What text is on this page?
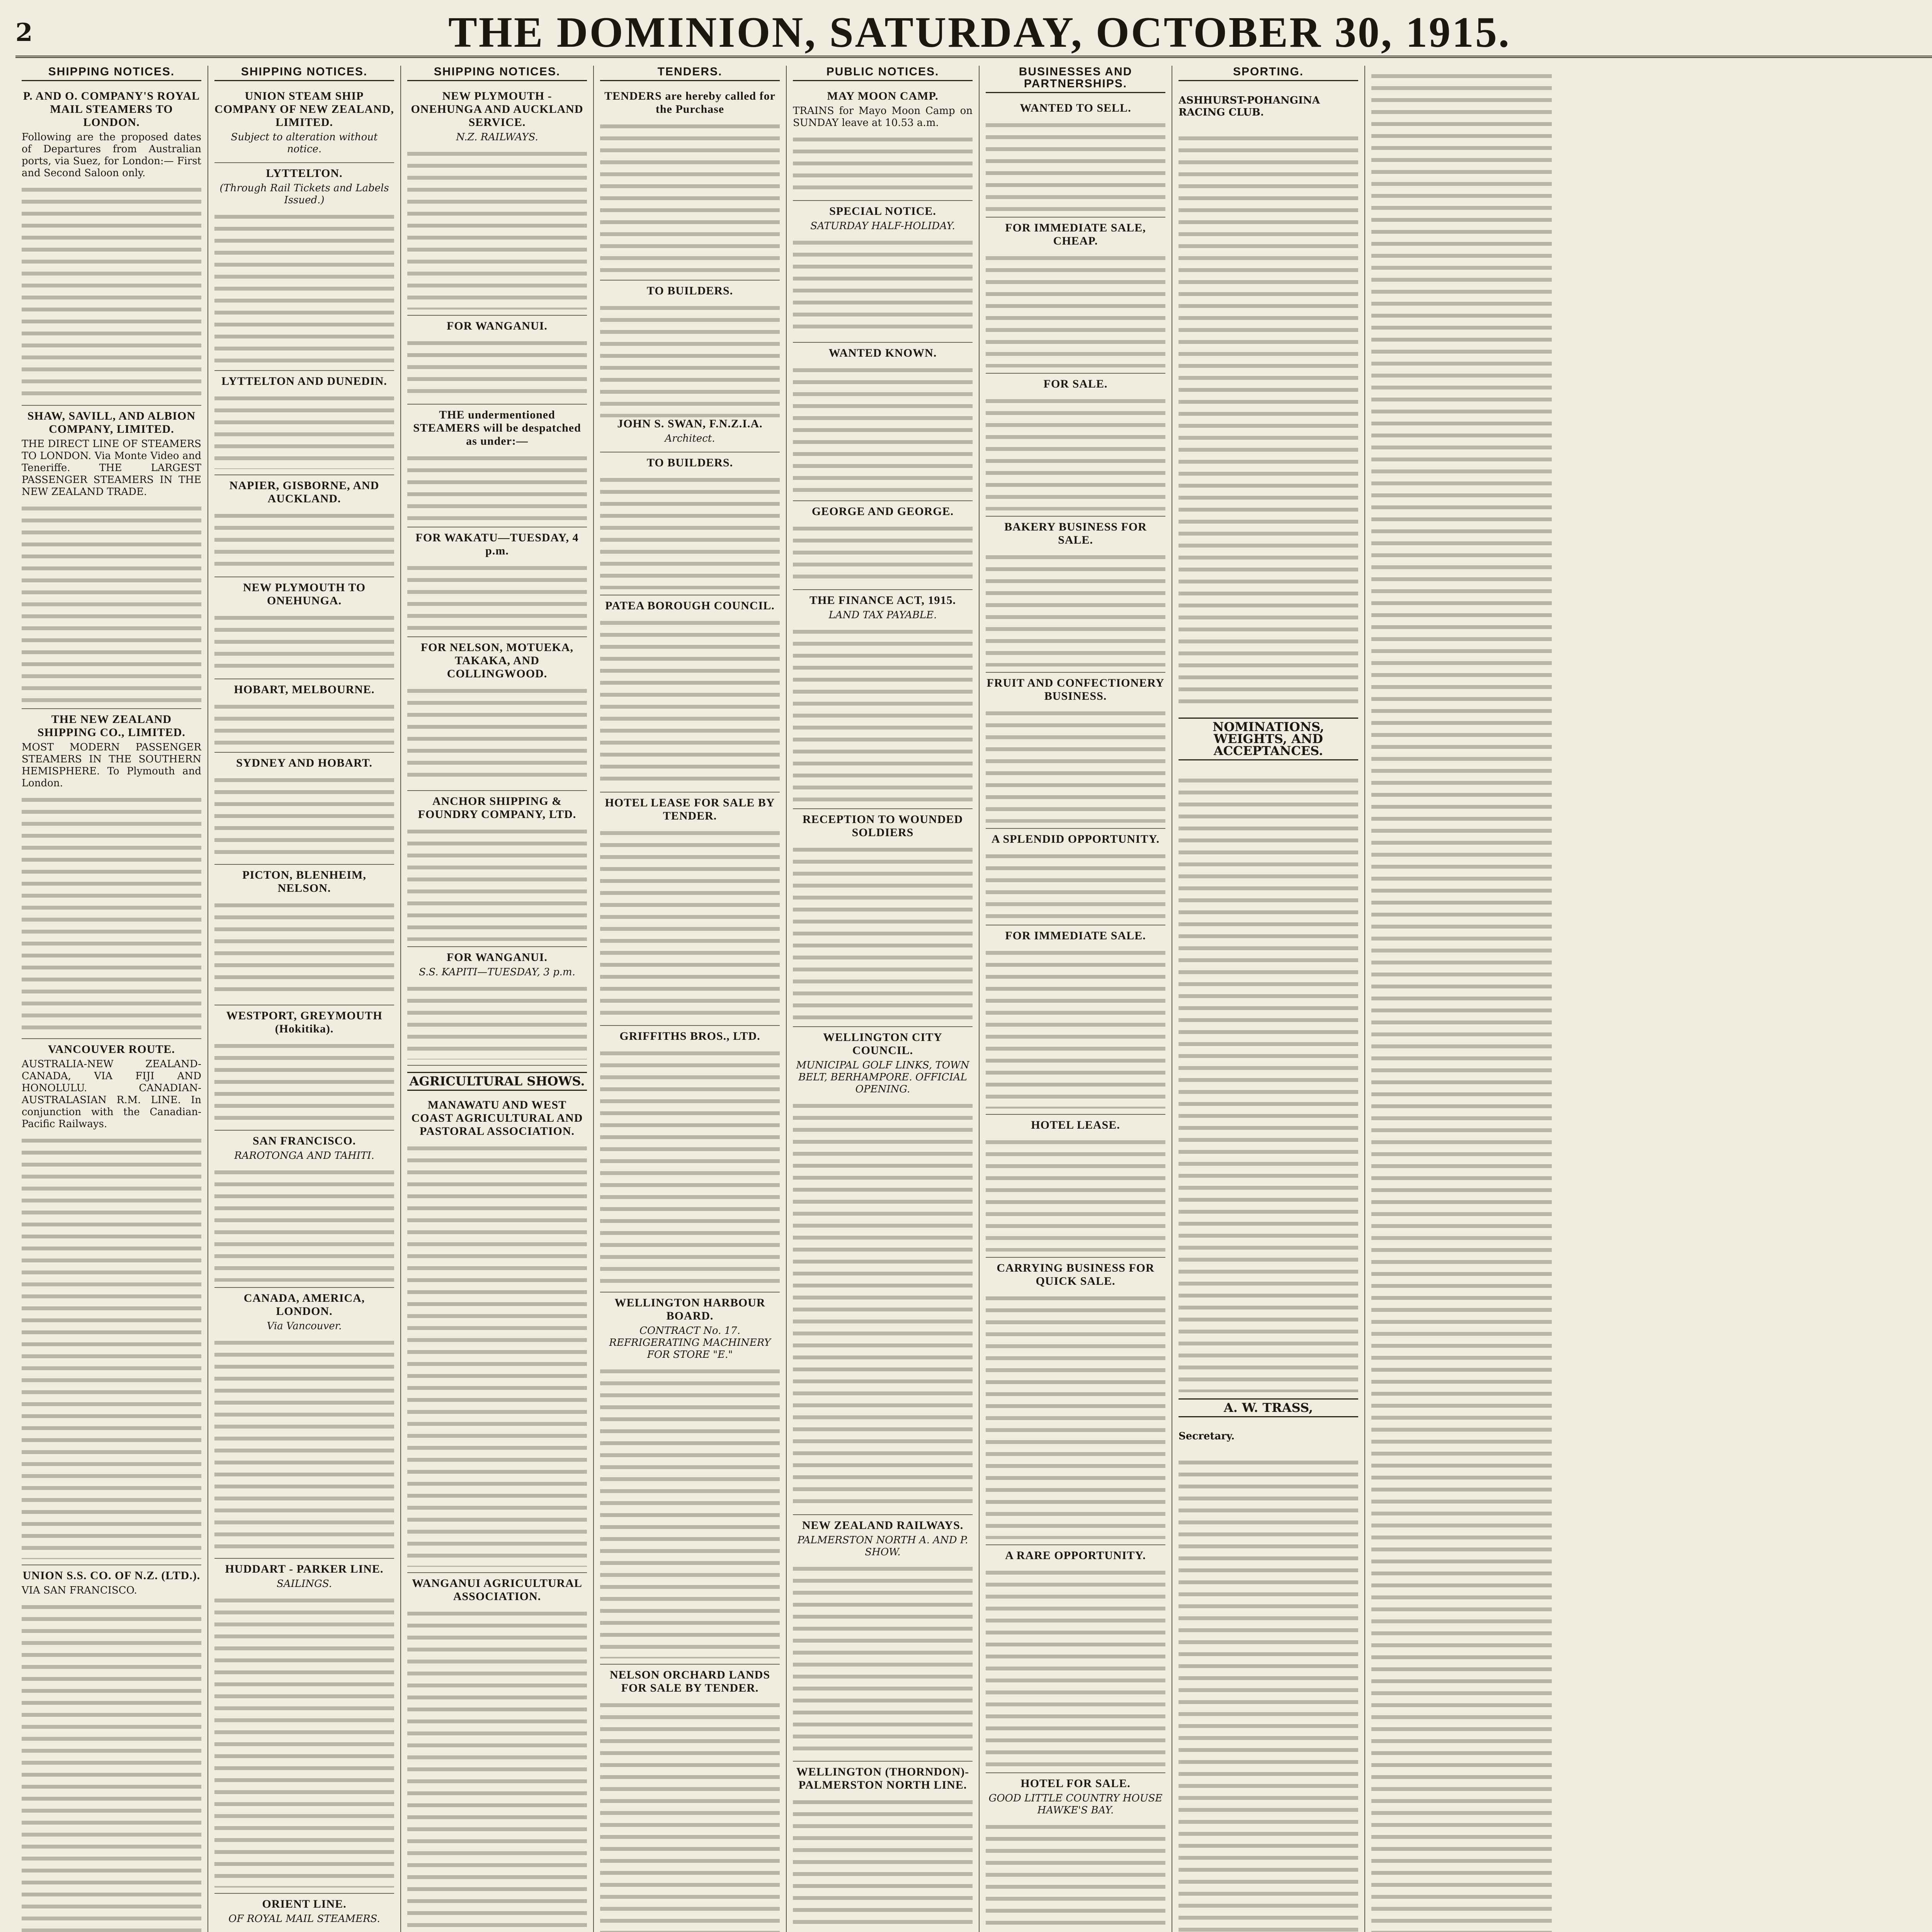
2	THE DOMINION, SATURDAY, OCTOBER 30, 1915.
SHIPPING NOTICES.
P. AND O. COMPANY'S ROYAL MAIL STEAMERS TO LONDON.

Following are the proposed dates of Departures from Australian ports, via Suez, for London:— First and Second Saloon only.

SHAW, SAVILL, AND ALBION COMPANY, LIMITED.

THE DIRECT LINE OF STEAMERS TO LONDON. Via Monte Video and Teneriffe. THE LARGEST PASSENGER STEAMERS IN THE NEW ZEALAND TRADE.

THE NEW ZEALAND SHIPPING CO., LIMITED.

MOST MODERN PASSENGER STEAMERS IN THE SOUTHERN HEMISPHERE. To Plymouth and London.

VANCOUVER ROUTE.

AUSTRALIA-NEW ZEALAND-CANADA, VIA FIJI AND HONOLULU. CANADIAN-AUSTRALASIAN R.M. LINE. In conjunction with the Canadian-Pacific Railways.

UNION S.S. CO. OF N.Z. (LTD.).

VIA SAN FRANCISCO.

SHIPPING NOTICES.
UNION STEAM SHIP COMPANY OF NEW ZEALAND, LIMITED.

Subject to alteration without notice.

LYTTELTON.

(Through Rail Tickets and Labels Issued.)

LYTTELTON AND DUNEDIN.
NAPIER, GISBORNE, AND AUCKLAND.
NEW PLYMOUTH TO ONEHUNGA.
HOBART, MELBOURNE.
SYDNEY AND HOBART.
PICTON, BLENHEIM, NELSON.
WESTPORT, GREYMOUTH (Hokitika).
SAN FRANCISCO.

RAROTONGA AND TAHITI.

CANADA, AMERICA, LONDON.

Via Vancouver.

HUDDART - PARKER LINE.

SAILINGS.

ORIENT LINE.

OF ROYAL MAIL STEAMERS.

SHIPPING NOTICES.
NEW PLYMOUTH - ONEHUNGA AND AUCKLAND SERVICE.

N.Z. RAILWAYS.

FOR WANGANUI.
THE undermentioned STEAMERS will be despatched as under:—
FOR WAKATU—TUESDAY, 4 p.m.
FOR NELSON, MOTUEKA, TAKAKA, AND COLLINGWOOD.
ANCHOR SHIPPING & FOUNDRY COMPANY, LTD.
FOR WANGANUI.

S.S. KAPITI—TUESDAY, 3 p.m.

AGRICULTURAL SHOWS.
MANAWATU AND WEST COAST AGRICULTURAL AND PASTORAL ASSOCIATION.
WANGANUI AGRICULTURAL ASSOCIATION.

TENDERS.
TENDERS are hereby called for the Purchase
TO BUILDERS.
JOHN S. SWAN, F.N.Z.I.A.

Architect.

TO BUILDERS.
PATEA BOROUGH COUNCIL.
HOTEL LEASE FOR SALE BY TENDER.
GRIFFITHS BROS., LTD.
WELLINGTON HARBOUR BOARD.

CONTRACT No. 17. REFRIGERATING MACHINERY FOR STORE "E."

NELSON ORCHARD LANDS FOR SALE BY TENDER.

PUBLIC NOTICES.
MAY MOON CAMP.

TRAINS for Mayo Moon Camp on SUNDAY leave at 10.53 a.m.

SPECIAL NOTICE.

SATURDAY HALF-HOLIDAY.

WANTED KNOWN.
GEORGE AND GEORGE.
THE FINANCE ACT, 1915.

LAND TAX PAYABLE.

RECEPTION TO WOUNDED SOLDIERS
WELLINGTON CITY COUNCIL.

MUNICIPAL GOLF LINKS, TOWN BELT, BERHAMPORE. OFFICIAL OPENING.

NEW ZEALAND RAILWAYS.

PALMERSTON NORTH A. AND P. SHOW.

WELLINGTON (THORNDON)-PALMERSTON NORTH LINE.

BUSINESSES AND PARTNERSHIPS.
WANTED TO SELL.
FOR IMMEDIATE SALE, CHEAP.
FOR SALE.
BAKERY BUSINESS FOR SALE.
FRUIT AND CONFECTIONERY BUSINESS.
A SPLENDID OPPORTUNITY.
FOR IMMEDIATE SALE.

HOTEL LEASE.
CARRYING BUSINESS FOR QUICK SALE.

A RARE OPPORTUNITY.
HOTEL FOR SALE.

GOOD LITTLE COUNTRY HOUSE HAWKE'S BAY.

SPORTING.
ASHHURST-POHANGINA RACING CLUB.
NOMINATIONS, WEIGHTS, AND ACCEPTANCES.
A. W. TRASS,
Secretary.
